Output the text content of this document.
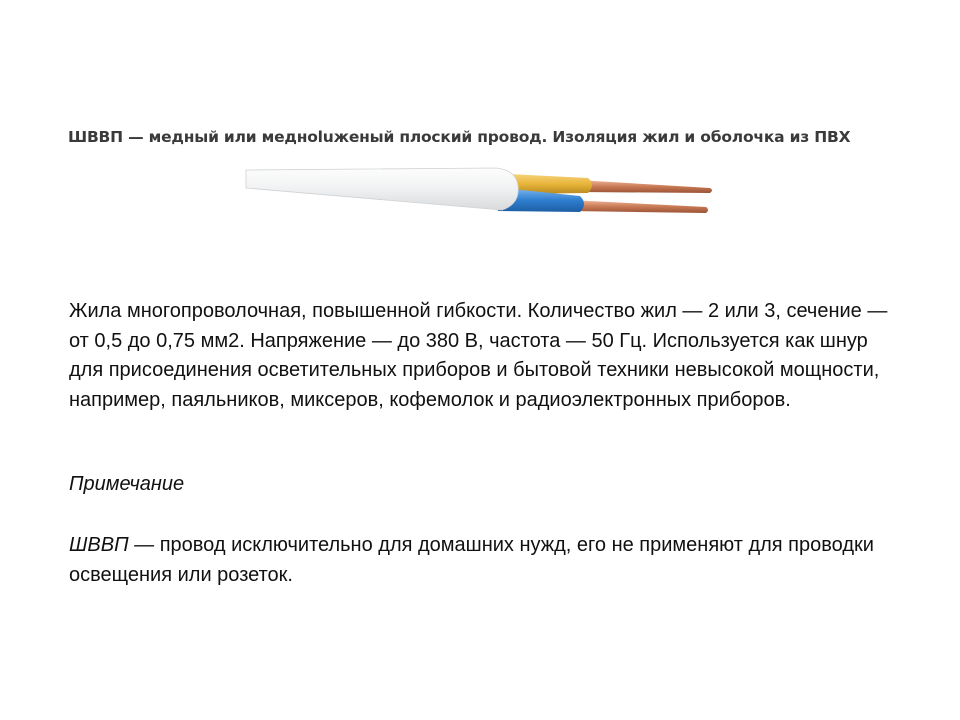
ШВВП — медный или медноluженый плоский провод. Изоляция жил и оболочка из ПВХ

Жила многопроволочная, повышенной гибкости. Количество жил — 2 или 3, сечение — от 0,5 до 0,75 мм2. Напряжение — до 380 В, частота — 50 Гц. Используется как шнур для присоединения осветительных приборов и бытовой техники невысокой мощности, например, паяльников, миксеров, кофемолок и радиоэлектронных приборов.

Примечание
ШВВП — провод исключительно для домашних нужд, его не применяют для проводки освещения или розеток.
